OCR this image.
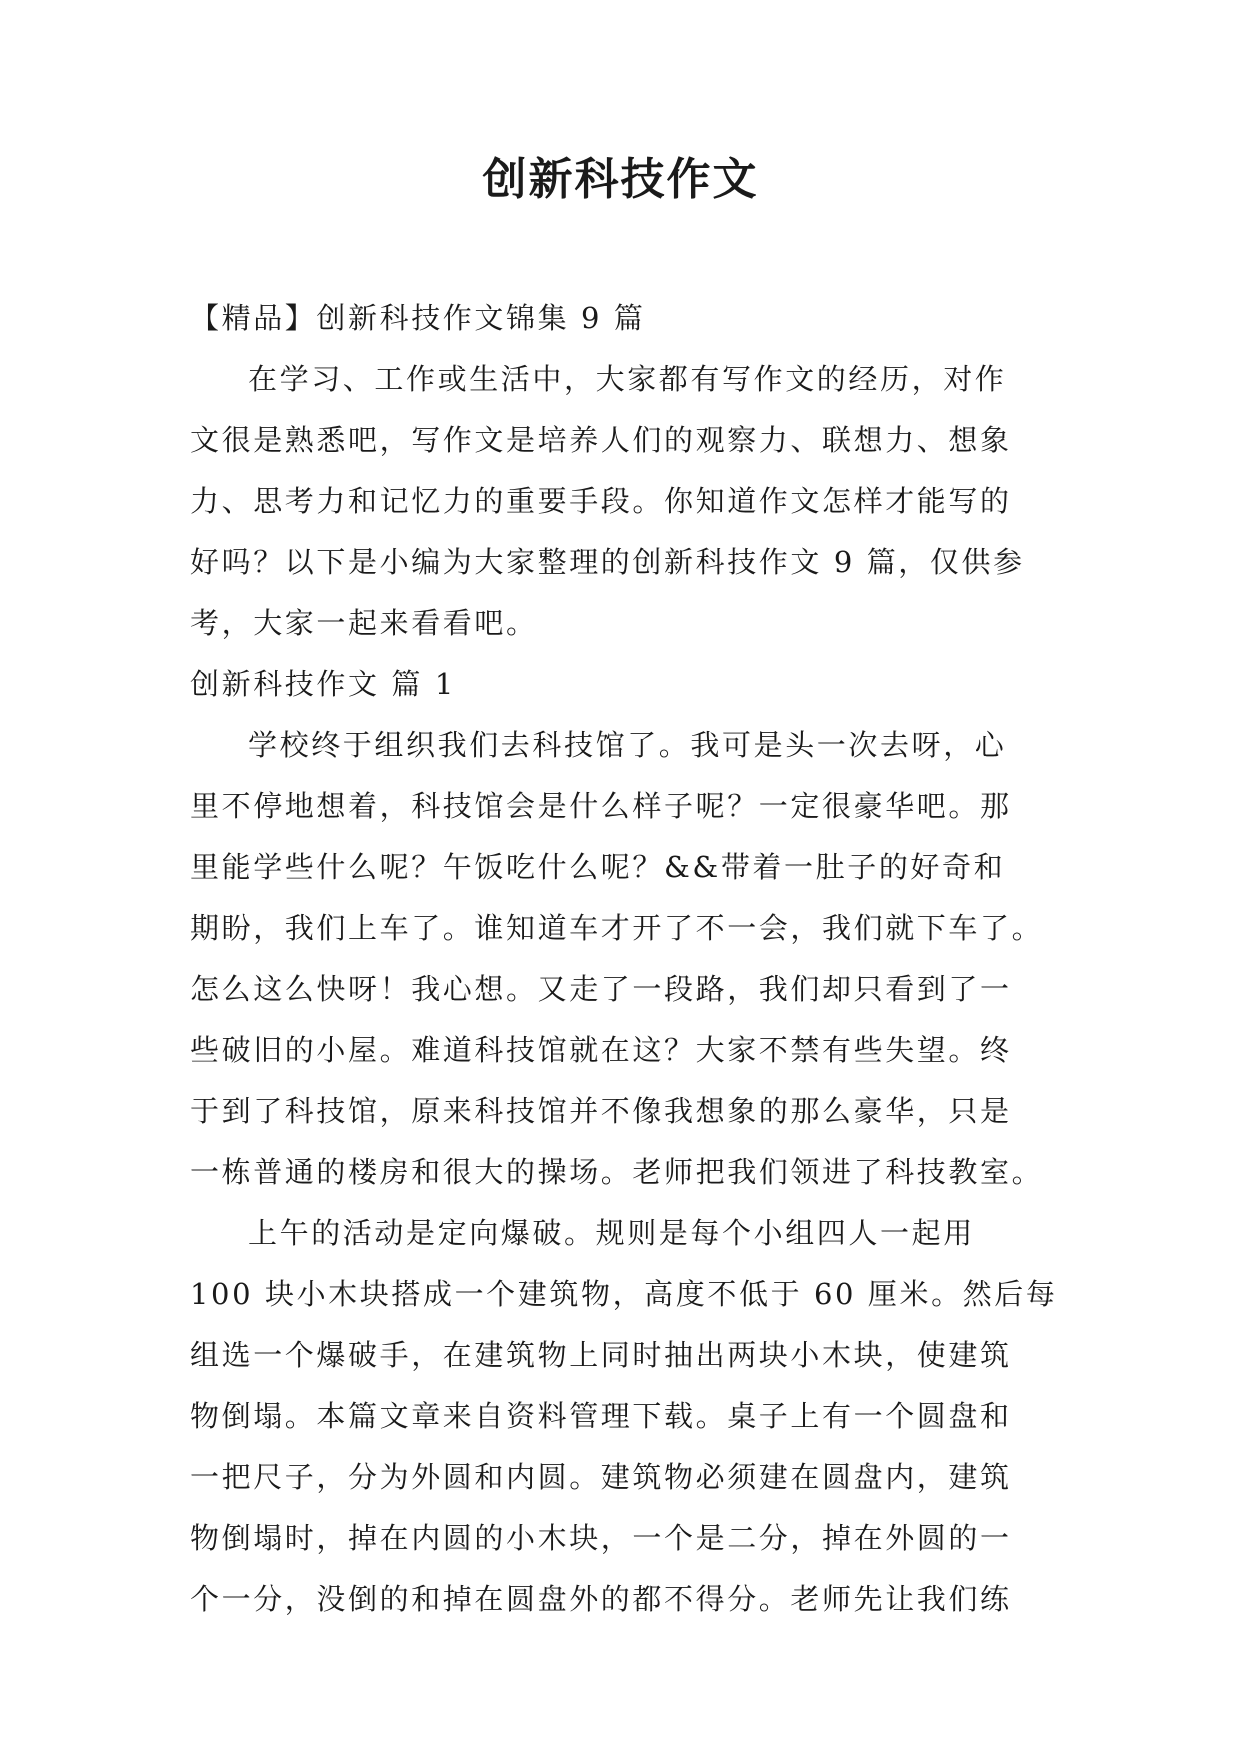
创新科技作文
【精品】创新科技作文锦集 9 篇
在学习、工作或生活中，大家都有写作文的经历，对作
文很是熟悉吧，写作文是培养人们的观察力、联想力、想象
力、思考力和记忆力的重要手段。你知道作文怎样才能写的
好吗？以下是小编为大家整理的创新科技作文 9 篇，仅供参
考，大家一起来看看吧。
创新科技作文 篇 1
学校终于组织我们去科技馆了。我可是头一次去呀，心
里不停地想着，科技馆会是什么样子呢？一定很豪华吧。那
里能学些什么呢？午饭吃什么呢？&&带着一肚子的好奇和
期盼，我们上车了。谁知道车才开了不一会，我们就下车了。
怎么这么快呀！我心想。又走了一段路，我们却只看到了一
些破旧的小屋。难道科技馆就在这？大家不禁有些失望。终
于到了科技馆，原来科技馆并不像我想象的那么豪华，只是
一栋普通的楼房和很大的操场。老师把我们领进了科技教室。
上午的活动是定向爆破。规则是每个小组四人一起用
100 块小木块搭成一个建筑物，高度不低于 60 厘米。然后每
组选一个爆破手，在建筑物上同时抽出两块小木块，使建筑
物倒塌。本篇文章来自资料管理下载。桌子上有一个圆盘和
一把尺子，分为外圆和内圆。建筑物必须建在圆盘内，建筑
物倒塌时，掉在内圆的小木块，一个是二分，掉在外圆的一
个一分，没倒的和掉在圆盘外的都不得分。老师先让我们练
